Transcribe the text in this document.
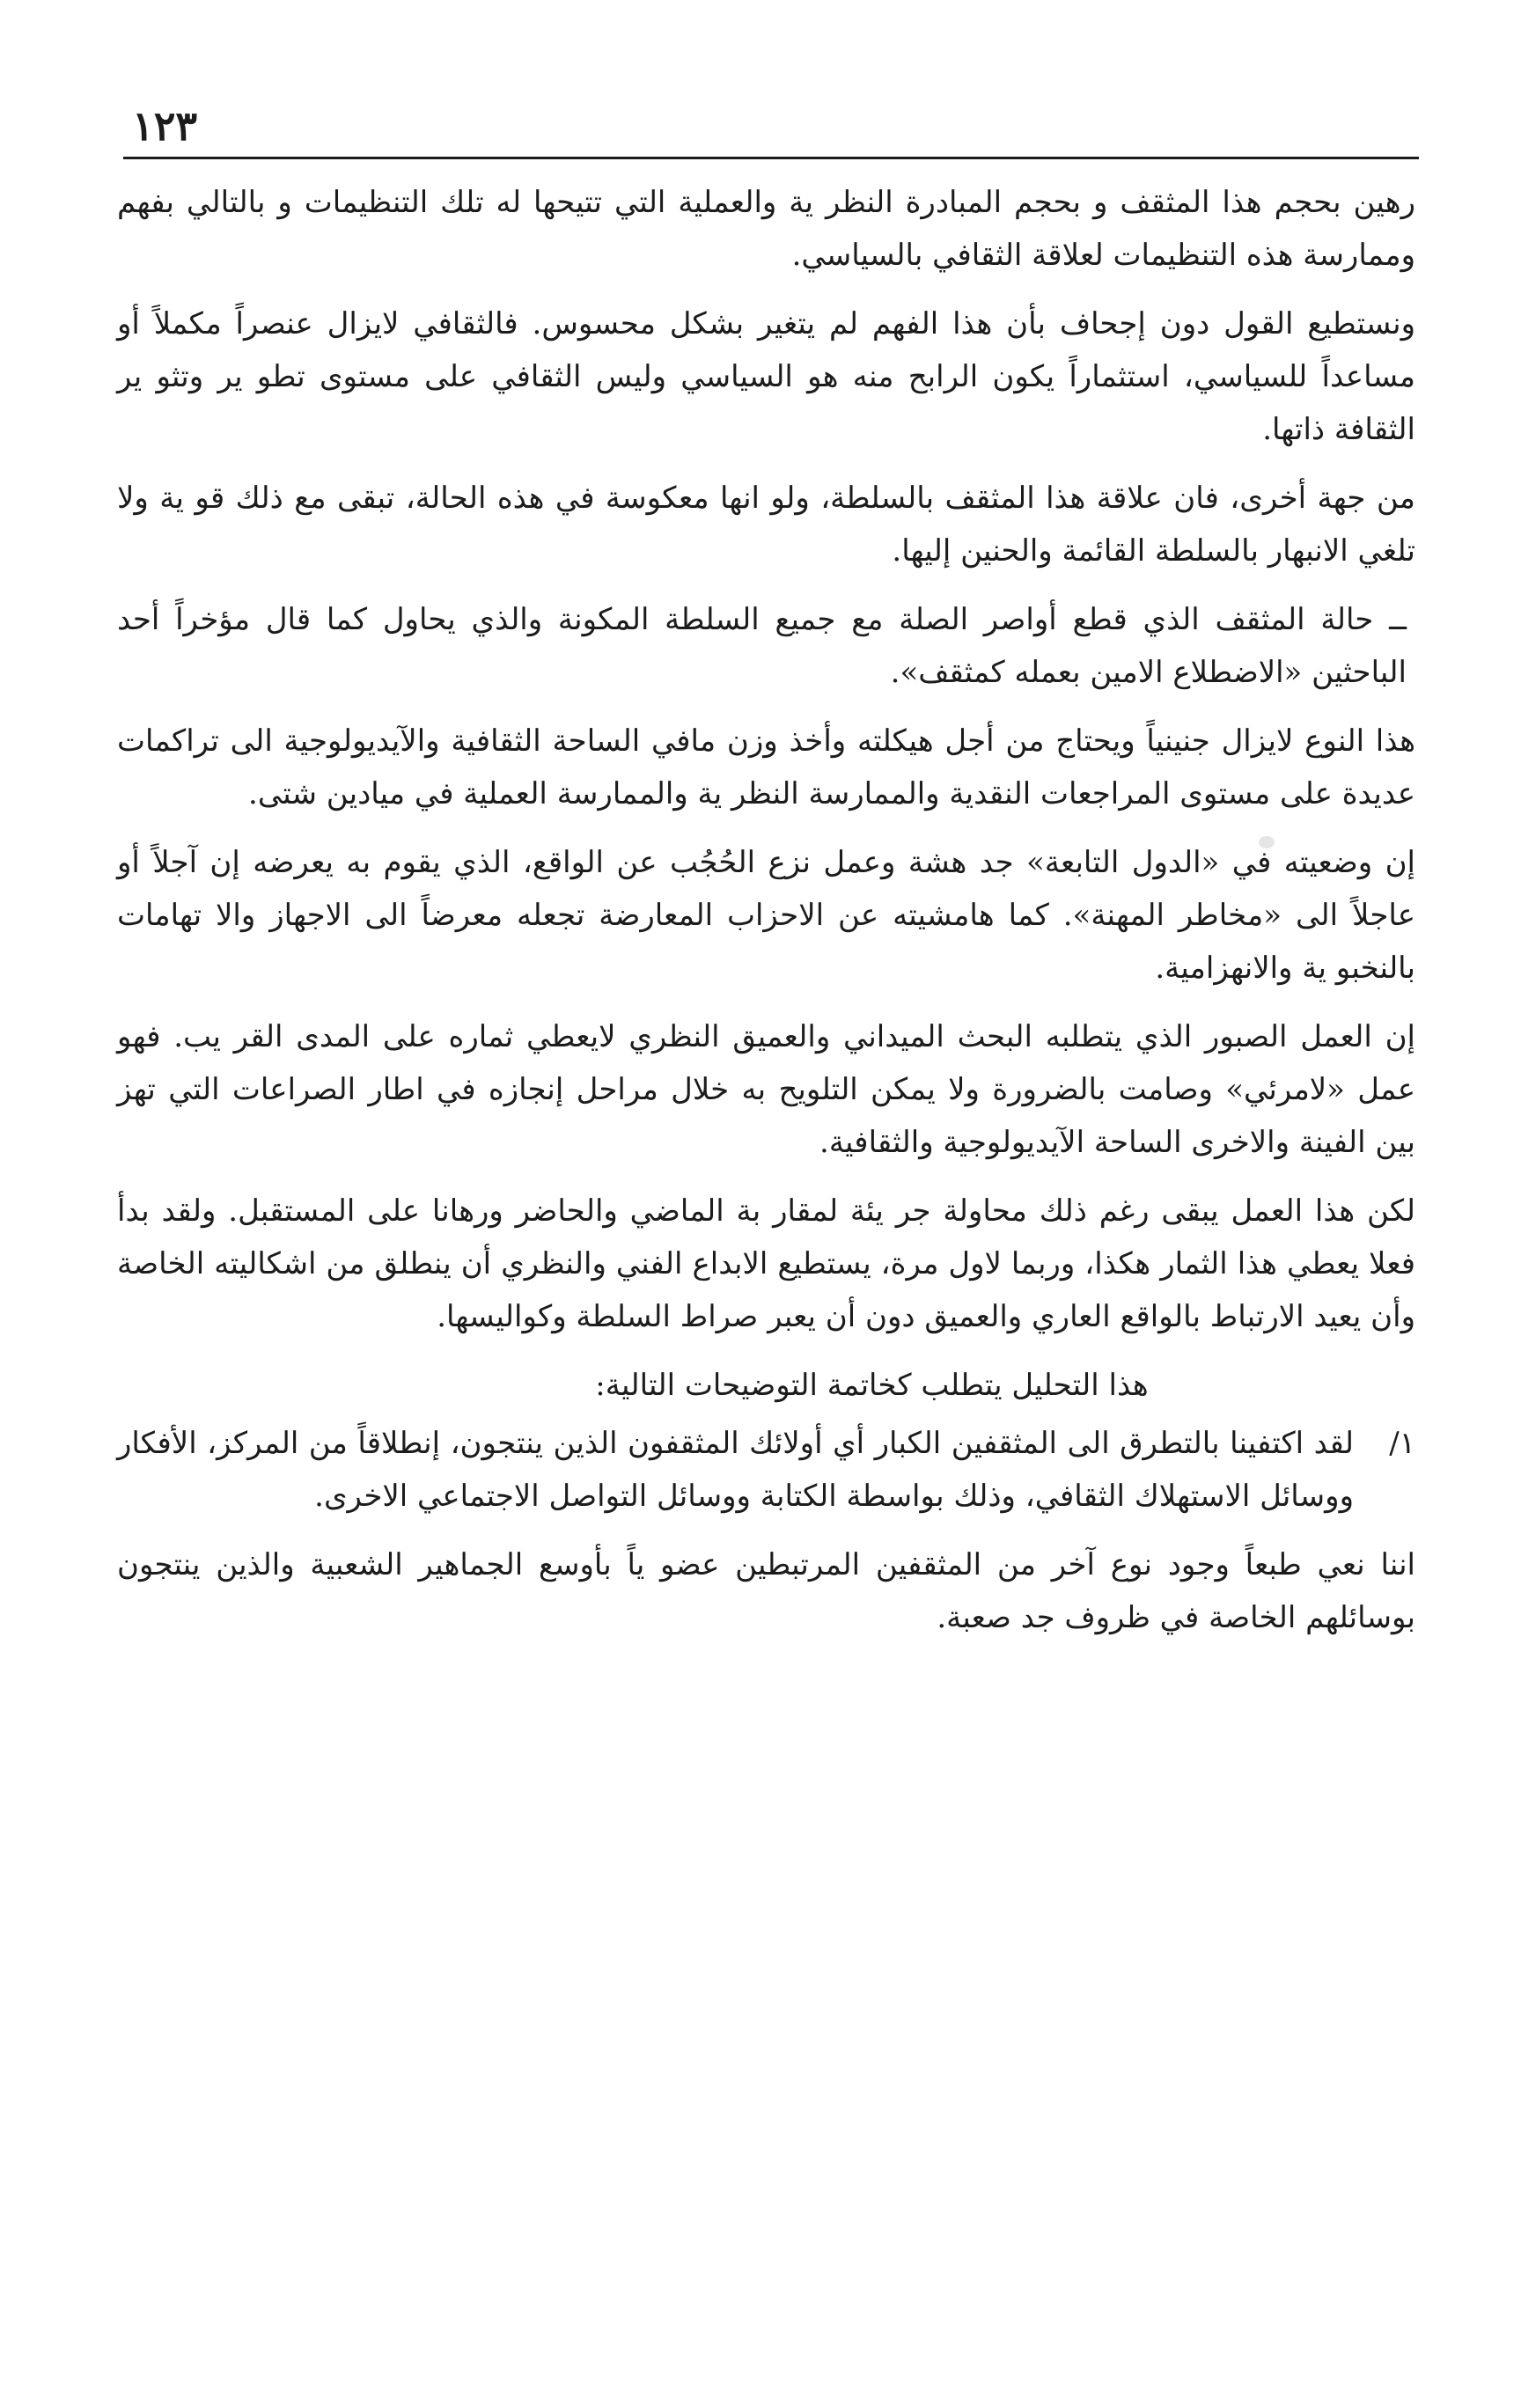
١٢٣

رهين بحجم هذا المثقف و بحجم المبادرة النظر ية والعملية التي تتيحها له تلك التنظيمات و بالتالي بفهم وممارسة هذه التنظيمات لعلاقة الثقافي بالسياسي.

ونستطيع القول دون إجحاف بأن هذا الفهم لم يتغير بشكل محسوس. فالثقافي لايزال عنصراً مكملاً أو مساعداً للسياسي، استثماراً يكون الرابح منه هو السياسي وليس الثقافي على مستوى تطو ير وتثو ير الثقافة ذاتها.

من جهة أخرى، فان علاقة هذا المثقف بالسلطة، ولو انها معكوسة في هذه الحالة، تبقى مع ذلك قو ية ولا تلغي الانبهار بالسلطة القائمة والحنين إليها.

ــ حالة المثقف الذي قطع أواصر الصلة مع جميع السلطة المكونة والذي يحاول كما قال مؤخراً أحد الباحثين «الاضطلاع الامين بعمله كمثقف».

هذا النوع لايزال جنينياً ويحتاج من أجل هيكلته وأخذ وزن مافي الساحة الثقافية والآيديولوجية الى تراكمات عديدة على مستوى المراجعات النقدية والممارسة النظر ية والممارسة العملية في ميادين شتى.

إن وضعيته في «الدول التابعة» جد هشة وعمل نزع الحُجُب عن الواقع، الذي يقوم به يعرضه إن آجلاً أو عاجلاً الى «مخاطر المهنة». كما هامشيته عن الاحزاب المعارضة تجعله معرضاً الى الاجهاز والا تهامات بالنخبو ية والانهزامية.

إن العمل الصبور الذي يتطلبه البحث الميداني والعميق النظري لايعطي ثماره على المدى القر يب. فهو عمل «لامرئي» وصامت بالضرورة ولا يمكن التلويح به خلال مراحل إنجازه في اطار الصراعات التي تهز بين الفينة والاخرى الساحة الآيديولوجية والثقافية.

لكن هذا العمل يبقى رغم ذلك محاولة جر يئة لمقار بة الماضي والحاضر ورهانا على المستقبل. ولقد بدأ فعلا يعطي هذا الثمار هكذا، وربما لاول مرة، يستطيع الابداع الفني والنظري أن ينطلق من اشكاليته الخاصة وأن يعيد الارتباط بالواقع العاري والعميق دون أن يعبر صراط السلطة وكواليسها.

هذا التحليل يتطلب كخاتمة التوضيحات التالية:

١/
لقد اكتفينا بالتطرق الى المثقفين الكبار أي أولائك المثقفون الذين ينتجون، إنطلاقاً من المركز، الأفكار ووسائل الاستهلاك الثقافي، وذلك بواسطة الكتابة ووسائل التواصل الاجتماعي الاخرى.

اننا نعي طبعاً وجود نوع آخر من المثقفين المرتبطين عضو ياً بأوسع الجماهير الشعبية والذين ينتجون بوسائلهم الخاصة في ظروف جد صعبة.
